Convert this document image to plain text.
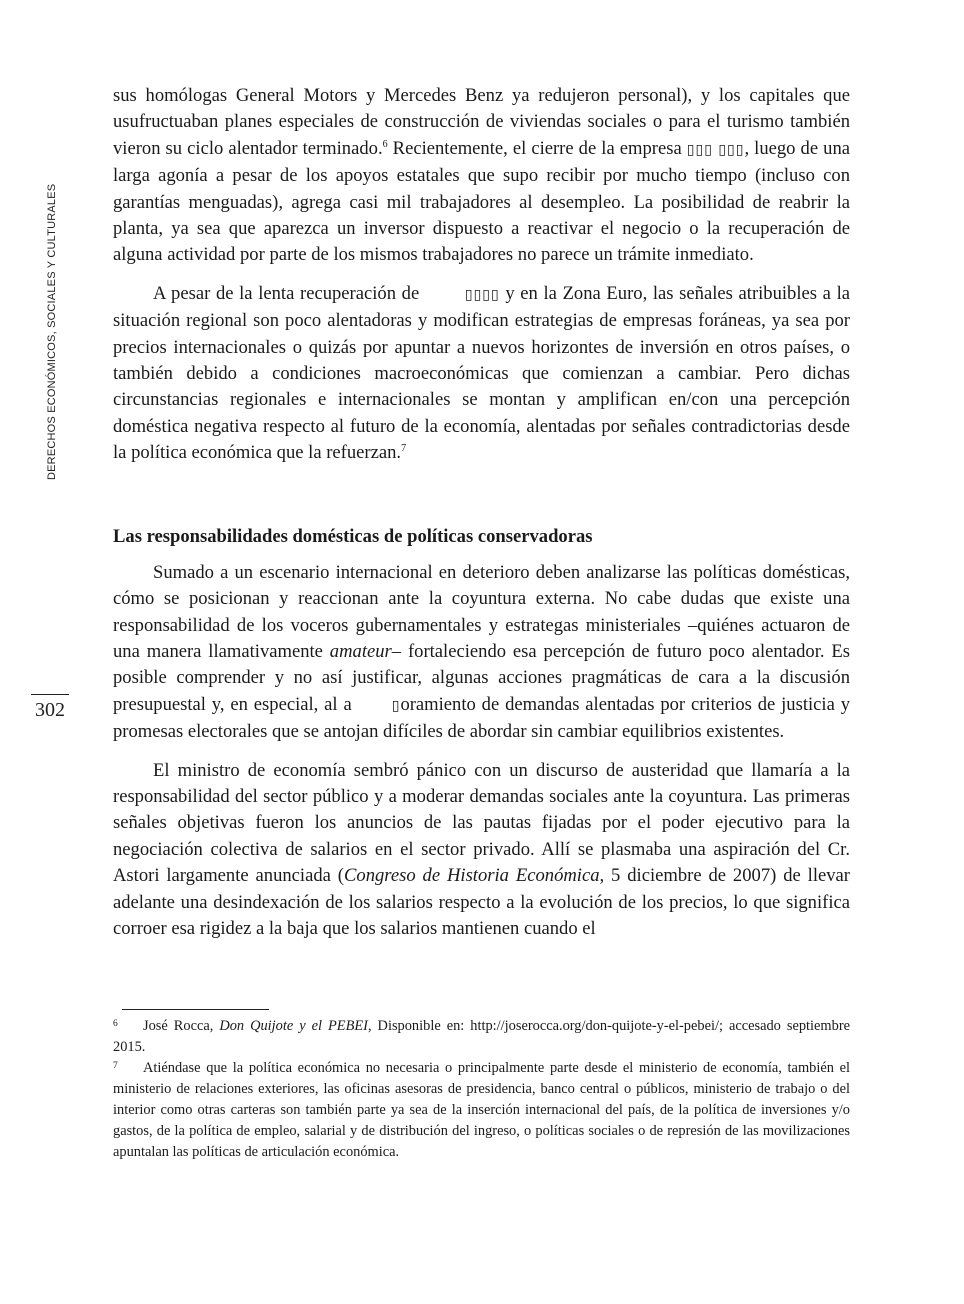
DERECHOS ECONÓMICOS, SOCIALES Y CULTURALES
302

sus homólogas General Motors y Mercedes Benz ya redujeron personal), y los capitales que usufructuaban planes especiales de construcción de viviendas sociales o para el turismo también vieron su ciclo alentador terminado.$^6$ Recientemente, el cierre de la empresa ▯▯▯ ▯▯▯, luego de una larga agonía a pesar de los apoyos estatales que supo recibir por mucho tiempo (incluso con garantías menguadas), agrega casi mil trabajadores al desempleo. La posibilidad de reabrir la planta, ya sea que aparezca un inversor dispuesto a reactivar el negocio o la recuperación de alguna actividad por parte de los mismos trabajadores no parece un trámite inmediato.

A pesar de la lenta recuperación de	▯▯▯▯ y en la Zona Euro, las señales atribuibles a la situación regional son poco alentadoras y modifican estrategias de empresas foráneas, ya sea por precios internacionales o quizás por apuntar a nuevos horizontes de inversión en otros países, o también debido a condiciones macroeconómicas que comienzan a cambiar. Pero dichas circunstancias regionales e internacionales se montan y amplifican en/con una percepción doméstica negativa respecto al futuro de la economía, alentadas por señales contradictorias desde la política económica que la refuerzan.$^7$

Las responsabilidades domésticas de políticas conservadoras

Sumado a un escenario internacional en deterioro deben analizarse las políticas domésticas, cómo se posicionan y reaccionan ante la coyuntura externa. No cabe dudas que existe una responsabilidad de los voceros gubernamentales y estrategas ministeriales –quiénes actuaron de una manera llamativamente amateur– fortaleciendo esa percepción de futuro poco alentador. Es posible comprender y no así justificar, algunas acciones pragmáticas de cara a la discusión presupuestal y, en especial, al a	▯oramiento de demandas alentadas por criterios de justicia y promesas electorales que se antojan difíciles de abordar sin cambiar equilibrios existentes.

El ministro de economía sembró pánico con un discurso de austeridad que llamaría a la responsabilidad del sector público y a moderar demandas sociales ante la coyuntura. Las primeras señales objetivas fueron los anuncios de las pautas fijadas por el poder ejecutivo para la negociación colectiva de salarios en el sector privado. Allí se plasmaba una aspiración del Cr. Astori largamente anunciada (Congreso de Historia Económica, 5 diciembre de 2007) de llevar adelante una desindexación de los salarios respecto a la evolución de los precios, lo que significa corroer esa rigidez a la baja que los salarios mantienen cuando el

6 José Rocca, Don Quijote y el PEBEI, Disponible en: http://joserocca.org/don-quijote-y-el-pebei/; accesado septiembre 2015.

7 Atiéndase que la política económica no necesaria o principalmente parte desde el ministerio de economía, también el ministerio de relaciones exteriores, las oficinas asesoras de presidencia, banco central o públicos, ministerio de trabajo o del interior como otras carteras son también parte ya sea de la inserción internacional del país, de la política de inversiones y/o gastos, de la política de empleo, salarial y de distribución del ingreso, o políticas sociales o de represión de las movilizaciones apuntalan las políticas de articulación económica.
